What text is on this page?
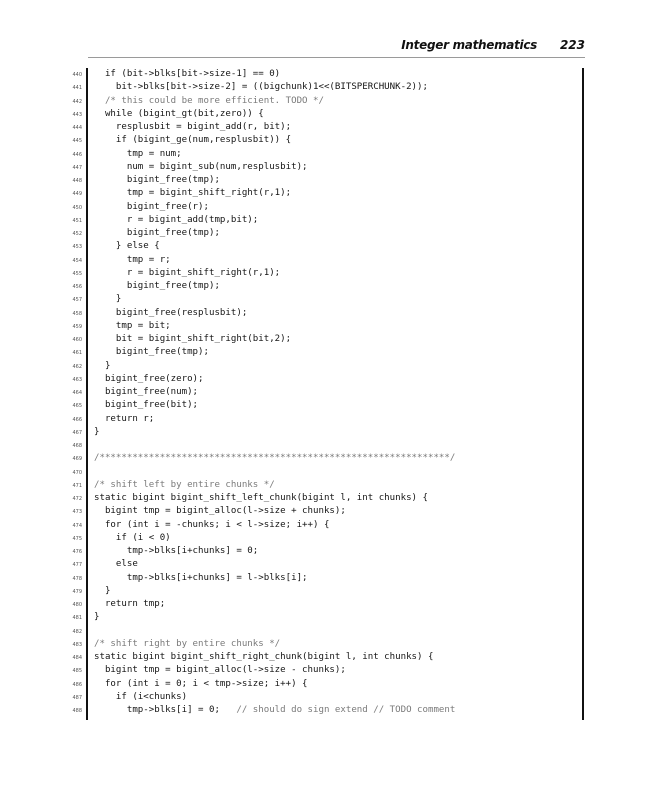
Integer mathematics 223
440 if (bit->blks[bit->size-1] == 0)
441 bit->blks[bit->size-2] = ((bigchunk)1<<(BITSPERCHUNK-2));
442	/* this could be more efficient. TODO */
443 while (bigint_gt(bit,zero)) {
444 resplusbit = bigint_add(r, bit);
445 if (bigint_ge(num,resplusbit)) {
446 tmp = num;
447 num = bigint_sub(num,resplusbit);
448 bigint_free(tmp);
449 tmp = bigint_shift_right(r,1);
450 bigint_free(r);
451 r = bigint_add(tmp,bit);
452 bigint_free(tmp);
453 } else {
454 tmp = r;
455 r = bigint_shift_right(r,1);
456 bigint_free(tmp);
457 }
458 bigint_free(resplusbit);
459 tmp = bit;
460 bit = bigint_shift_right(bit,2);
461 bigint_free(tmp);
462 }
463 bigint_free(zero);
464 bigint_free(num);
465 bigint_free(bit);
466 return r;
467 }
468
469 /****************************************************************/
470
471 /* shift left by entire chunks */
472 static bigint bigint_shift_left_chunk(bigint l, int chunks) {
473 bigint tmp = bigint_alloc(l->size + chunks);
474 for (int i = -chunks; i < l->size; i++) {
475 if (i < 0)
476 tmp->blks[i+chunks] = 0;
477 else
478 tmp->blks[i+chunks] = l->blks[i];
479 }
480 return tmp;
481 }
482
483 /* shift right by entire chunks */
484 static bigint bigint_shift_right_chunk(bigint l, int chunks) {
485 bigint tmp = bigint_alloc(l->size - chunks);
486 for (int i = 0; i < tmp->size; i++) {
487 if (i<chunks)
488 tmp->blks[i] = 0;   // should do sign extend // TODO comment
